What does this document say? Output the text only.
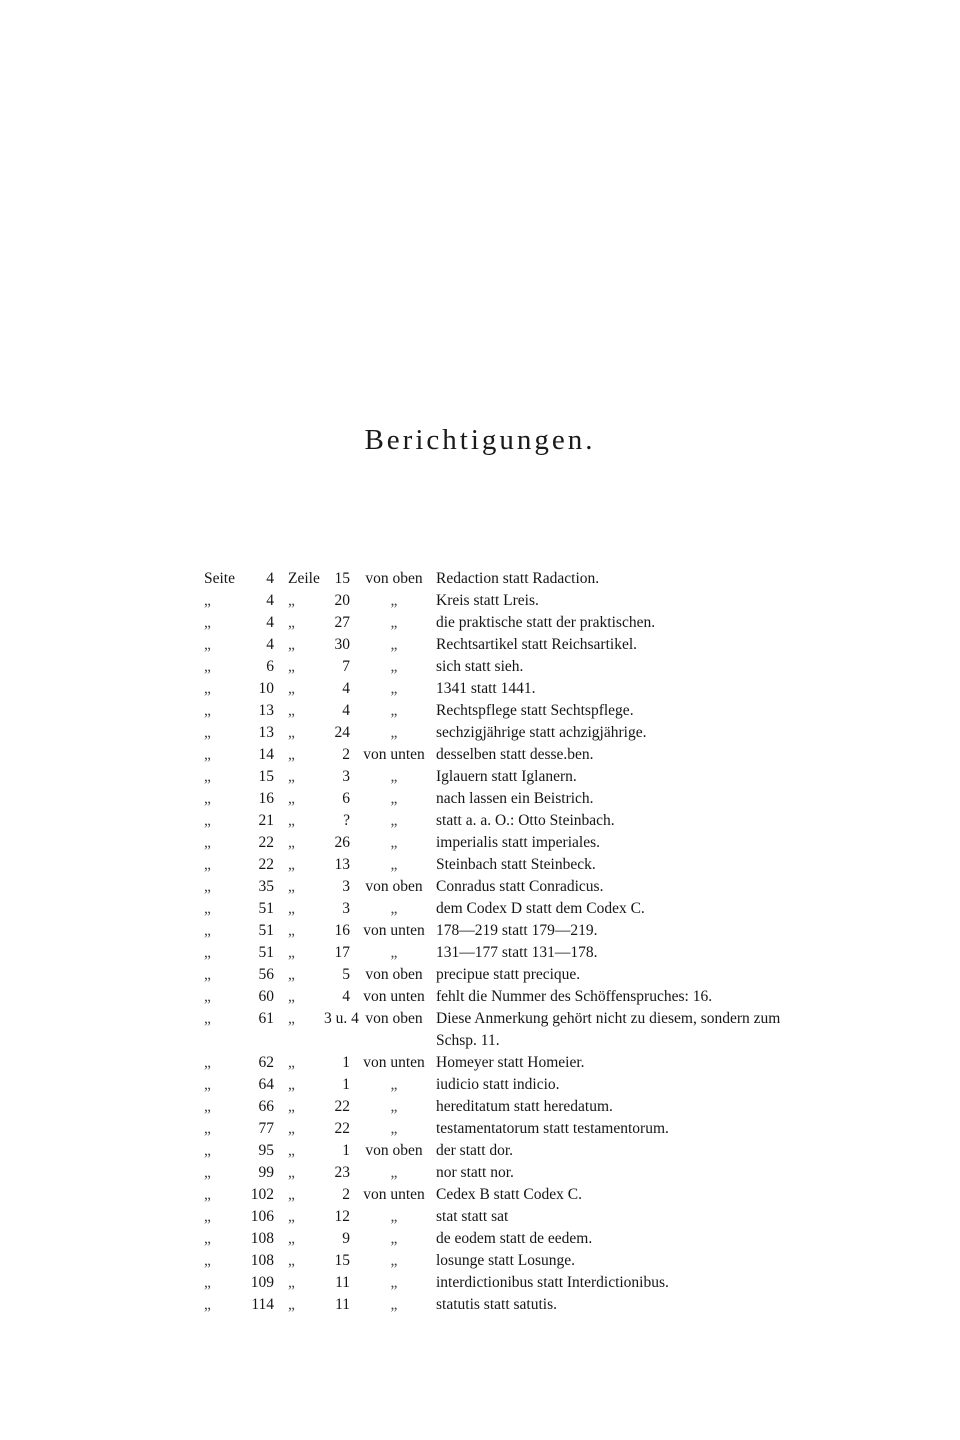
Berichtigungen.
Seite	4 Zeile 15 von oben Redaction statt Radaction.
„	4 „	20	„	Kreis statt Lreis.
„	4 „	27	„	die praktische statt der praktischen.
„	4 „	30	„	Rechtsartikel statt Reichsartikel.
„	6 „	7	„	sich statt sieh.
„	10 „	4	„	1341 statt 1441.
„	13 „	4	„	Rechtspflege statt Sechtspflege.
„	13 „	24	„	sechzigjährige statt achzigjährige.
„	14 „	2 von unten desselben statt desse.ben.
„	15 „	3	„	Iglauern statt Iglanern.
„	16 „	6	„	nach lassen ein Beistrich.
„	21 „	?	„	statt a. a. O.: Otto Steinbach.
„	22 „	26	„	imperialis statt imperiales.
„	22 „	13	„	Steinbach statt Steinbeck.
„	35 „	3 von oben Conradus statt Conradicus.
„	51 „	3	„	dem Codex D statt dem Codex C.
„	51 „	16 von unten 178—219 statt 179—219.
„	51 „	17	„	131—177 statt 131—178.
„	56 „	5 von oben precipue statt precique.
„	60 „	4 von unten fehlt die Nummer des Schöffenspruches: 16.
„	61 „	3 u. 4 von oben Diese Anmerkung gehört nicht zu diesem, sondern zum Schsp. 11.
„	62 „	1 von unten Homeyer statt Homeier.
„	64 „	1	„	iudicio statt indicio.
„	66 „	22	„	hereditatum statt heredatum.
„	77 „	22	„	testamentatorum statt testamentorum.
„	95 „	1 von oben der statt dor.
„	99 „	23	„	nor statt nor.
„	102 „	2 von unten Cedex B statt Codex C.
„	106 „	12	„	stat statt sat
„	108 „	9	„	de eodem statt de eedem.
„	108 „	15	„	losunge statt Losunge.
„	109 „	11	„	interdictionibus statt Interdictionibus.
„	114 „	11	„	statutis statt satutis.
